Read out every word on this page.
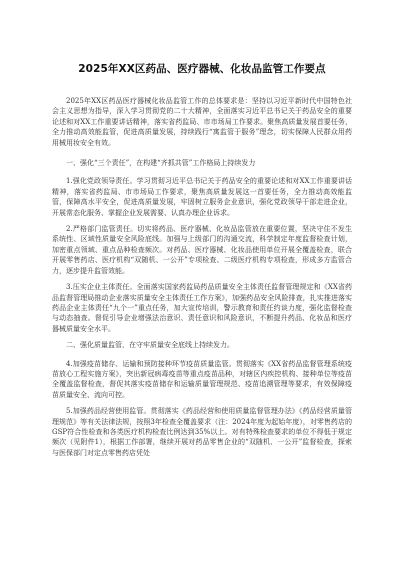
2025年XX区药品、医疗器械、化妆品监管工作要点

2025年XX区药品医疗器械化妆品监管工作的总体要求是：坚持以习近平新时代中国特色社会主义思想为指导，深入学习贯彻党的二十大精神，全面落实习近平总书记关于药品安全的重要论述和对XX工作重要讲话精神，落实省药监局、市市场局工作要求。聚焦高质量发展首要任务，全力推动高效能监管，促进高质量发展，持续践行“寓监管于服务”理念，切实保障人民群众用药用械用妆安全有效。

一、强化“三个责任”，在构建“齐抓共管”工作格局上持续发力

1.强化党政领导责任。学习贯彻习近平总书记关于药品安全的重要论述和对XX工作重要讲话精神，落实省药监局、市市场局工作要求，聚焦高质量发展这一首要任务，全力推动高效能监管，保障高水平安全，促进高质量发展，牢固树立服务企业意识，强化党政领导干部走进企业，开展常态化服务、掌握企业发展需要、认真办理企业诉求。

2.严格部门监管责任。切实将药品、医疗器械、化妆品监管放在重要位置，坚决守住不发生系统性、区域性质量安全风险底线。加强与上级部门的沟通交流，科学制定年度监督检查计划，加密重点领域、重点品种检查频次。对药品、医疗器械、化妆品使用单位开展全覆盖检查，联合开展零售药店、医疗机构“双随机、一公开”专项检查、二级医疗机构专项检查，形成多方监管合力，逐步提升监管效能。

3.压实企业主体责任。全面落实国家药监局药品质量安全主体责任监督管理规定和《XX省药品监督管理局推动企业落实质量安全主体责任工作方案》，加强药品安全风险排查，扎实推进落实药品企业主体责任“九个一”重点任务，加大宣传培训，警示教育和责任约谈力度，强化监督检查与动态抽查。督促引导企业增强法治意识、责任意识和风险意识，不断提升药品、化妆品和医疗器械质量安全水平。

二、强化质量监管，在守牢质量安全底线上持续发力。

4.加强疫苗储存、运输和预防接种环节疫苗质量监管。贯彻落实《XX省药品监督管理系统疫苗放心工程实施方案》，突出新冠病毒疫苗等重点疫苗品种，对辖区内疾控机构、接种单位等疫苗全覆盖监督检查，督促其落实疫苗储存和运输质量管理规范、疫苗追溯管理等要求，有效保障疫苗质量安全、流向可控。

5.加强药品经营使用监管。贯彻落实《药品经营和使用质量监督管理办法》《药品经营质量管理规范》等有关法律法规，按照3年检查全覆盖要求（注：2024年度为起始年度），对零售药店的GSP符合性检查和各类医疗机构检查比例达到35%以上。对有特殊检查要求的单位不得低于规定频次（见附件1），根据工作部署，继续开展对药品零售企业的“双随机、一公开”监督检查，探索与医保部门对定点零售药店凭处
